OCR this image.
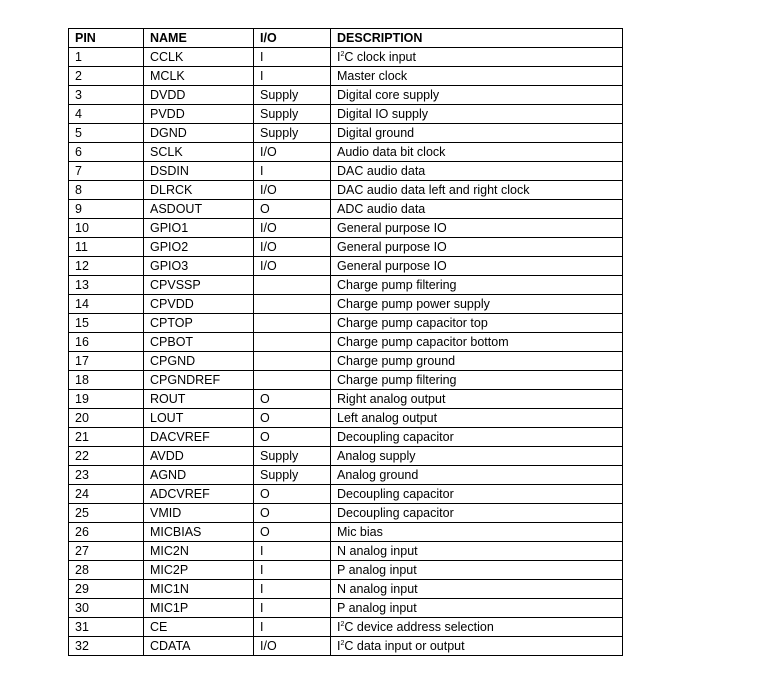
PIN	NAME	I/O	DESCRIPTION
1	CCLK	I	$I^2C$ clock input
2	MCLK	I	Master clock
3	DVDD	Supply	Digital core supply
4	PVDD	Supply	Digital IO supply
5	DGND	Supply	Digital ground
6	SCLK	I/O	Audio data bit clock
7	DSDIN	I	DAC audio data
8	DLRCK	I/O	DAC audio data left and right clock
9	ASDOUT	O	ADC audio data
10	GPIO1	I/O	General purpose IO
11	GPIO2	I/O	General purpose IO
12	GPIO3	I/O	General purpose IO
13	CPVSSP		Charge pump filtering
14	CPVDD		Charge pump power supply
15	CPTOP		Charge pump capacitor top
16	CPBOT		Charge pump capacitor bottom
17	CPGND		Charge pump ground
18	CPGNDREF		Charge pump filtering
19	ROUT	O	Right analog output
20	LOUT	O	Left analog output
21	DACVREF	O	Decoupling capacitor
22	AVDD	Supply	Analog supply
23	AGND	Supply	Analog ground
24	ADCVREF	O	Decoupling capacitor
25	VMID	O	Decoupling capacitor
26	MICBIAS	O	Mic bias
27	MIC2N	I	N analog input
28	MIC2P	I	P analog input
29	MIC1N	I	N analog input
30	MIC1P	I	P analog input
31	CE	I	$I^2C$ device address selection
32	CDATA	I/O	$I^2C$ data input or output
